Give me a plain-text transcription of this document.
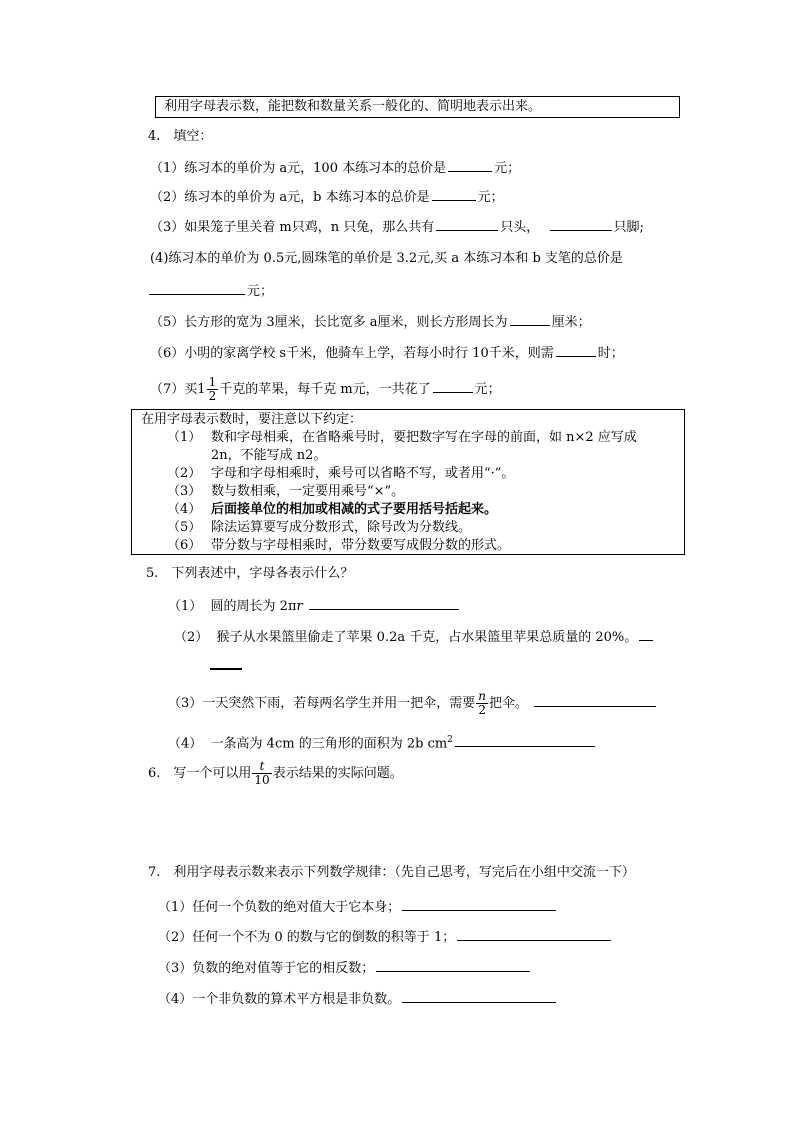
利用字母表示数，能把数和数量关系一般化的、简明地表示出来。
4.　填空：
（1）练习本的单价为 a元，100 本练习本的总价是	元；
（2）练习本的单价为 a元，b 本练习本的总价是	元；
（3）如果笼子里关着 m只鸡，n 只兔，那么共有	只头，	只脚;
(4)练习本的单价为 0.5元,圆珠笔的单价是 3.2元,买 a 本练习本和 b 支笔的总价是
元；
（5）长方形的宽为 3厘米，长比宽多 a厘米，则长方形周长为	厘米；
（6）小明的家离学校 s千米，他骑车上学，若每小时行 10千米，则需	时；
（7）买$1 \frac{1}{2}$ 千克的苹果，每千克 m元，一共花了	元；
在用字母表示数时，要注意以下约定：
（1） 数和字母相乘，在省略乘号时，要把数字写在字母的前面，如 n×2 应写成
2n，不能写成 n2。
（2） 字母和字母相乘时，乘号可以省略不写，或者用“·”。
（3） 数与数相乘，一定要用乘号“×”。
（4） 后面接单位的相加或相减的式子要用括号括起来。
（5） 除法运算要写成分数形式，除号改为分数线。
（6） 带分数与字母相乘时，带分数要写成假分数的形式。
5.　下列表述中，字母各表示什么？
（1） 圆的周长为 2πr
（2） 猴子从水果篮里偷走了苹果 0.2a 千克，占水果篮里苹果总质量的 20%。
（3）一天突然下雨，若每两名学生并用一把伞，需要 $\frac{n}{2}$ 把伞。
（4） 一条高为 4cm 的三角形的面积为 2b $cm^2$
6.　写一个可以用 $\frac{t}{10}$ 表示结果的实际问题。
7.　利用字母表示数来表示下列数学规律：（先自己思考，写完后在小组中交流一下）
（1）任何一个负数的绝对值大于它本身；
（2）任何一个不为 0 的数与它的倒数的积等于 1；
（3）负数的绝对值等于它的相反数；
（4）一个非负数的算术平方根是非负数。
